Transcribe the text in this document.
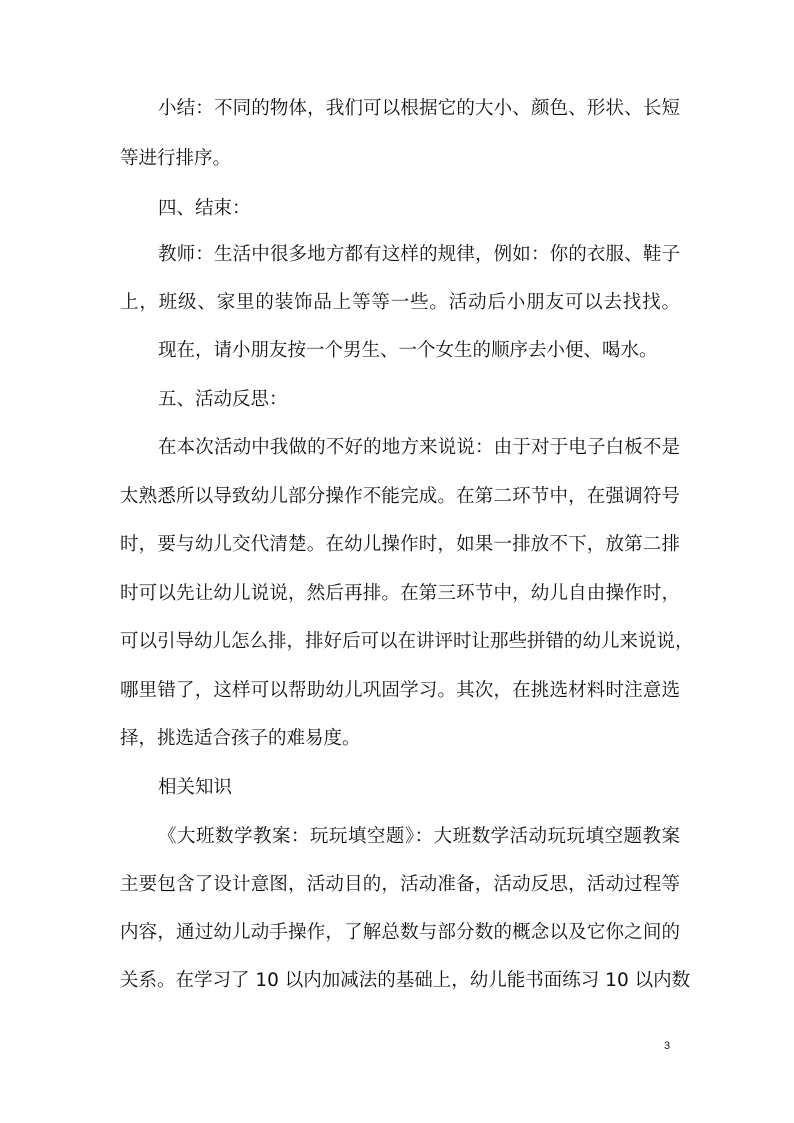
小结：不同的物体，我们可以根据它的大小、颜色、形状、长短
等进行排序。
四、结束：
教师：生活中很多地方都有这样的规律，例如：你的衣服、鞋子
上，班级、家里的装饰品上等等一些。活动后小朋友可以去找找。
现在，请小朋友按一个男生、一个女生的顺序去小便、喝水。
五、活动反思：
在本次活动中我做的不好的地方来说说：由于对于电子白板不是
太熟悉所以导致幼儿部分操作不能完成。在第二环节中，在强调符号
时，要与幼儿交代清楚。在幼儿操作时，如果一排放不下，放第二排
时可以先让幼儿说说，然后再排。在第三环节中，幼儿自由操作时，
可以引导幼儿怎么排，排好后可以在讲评时让那些拼错的幼儿来说说，
哪里错了，这样可以帮助幼儿巩固学习。其次，在挑选材料时注意选
择，挑选适合孩子的难易度。
相关知识
《大班数学教案：玩玩填空题》：大班数学活动玩玩填空题教案
主要包含了设计意图，活动目的，活动准备，活动反思，活动过程等
内容，通过幼儿动手操作，了解总数与部分数的概念以及它你之间的
关系。在学习了 10 以内加减法的基础上，幼儿能书面练习 10 以内数
3
